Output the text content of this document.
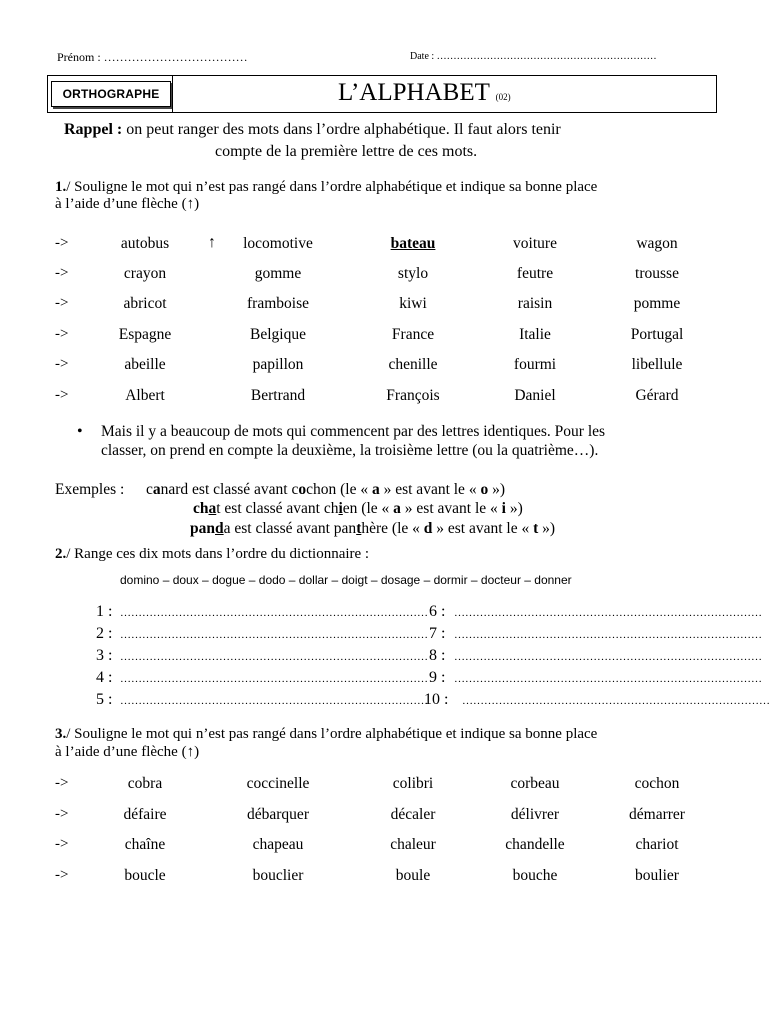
Prénom : ………………………………	Date : …………………………………………………………
ORTHOGRAPHE	L’ALPHABET (02)
Rappel : on peut ranger des mots dans l’ordre alphabétique. Il faut alors tenir
compte de la première lettre de ces mots.
1./ Souligne le mot qui n’est pas rangé dans l’ordre alphabétique et indique sa bonne place
à l’aide d’une flèche (↑)
->	autobus	locomotive	bateau	voiture	wagon
->	crayon	gomme	stylo	feutre	trousse
->	abricot	framboise	kiwi	raisin	pomme
->	Espagne	Belgique	France	Italie	Portugal
->	abeille	papillon	chenille	fourmi	libellule
->	Albert	Bertrand	François	Daniel	Gérard
↑
• Mais il y a beaucoup de mots qui commencent par des lettres identiques. Pour les
classer, on prend en compte la deuxième, la troisième lettre (ou la quatrième…).
Exemples : canard est classé avant cochon (le « a » est avant le « o »)
chat est classé avant chien (le « a » est avant le « i »)
panda est classé avant panthère (le « d » est avant le « t »)
2./ Range ces dix mots dans l’ordre du dictionnaire :
domino – doux – dogue – dodo – dollar – doigt – dosage – dormir – docteur – donner
1 : ………………………………………………………………………… 6 : …………………………………………………………………………
2 : ………………………………………………………………………… 7 : …………………………………………………………………………
3 : ………………………………………………………………………… 8 : …………………………………………………………………………
4 : ………………………………………………………………………… 9 : …………………………………………………………………………
5 : …………………………………………………………………………
10 : …………………………………………………………………………
3./ Souligne le mot qui n’est pas rangé dans l’ordre alphabétique et indique sa bonne place
à l’aide d’une flèche (↑)
->	cobra	coccinelle	colibri	corbeau	cochon
->	défaire	débarquer	décaler	délivrer	démarrer
->	chaîne	chapeau	chaleur	chandelle	chariot
->	boucle	bouclier	boule	bouche	boulier
